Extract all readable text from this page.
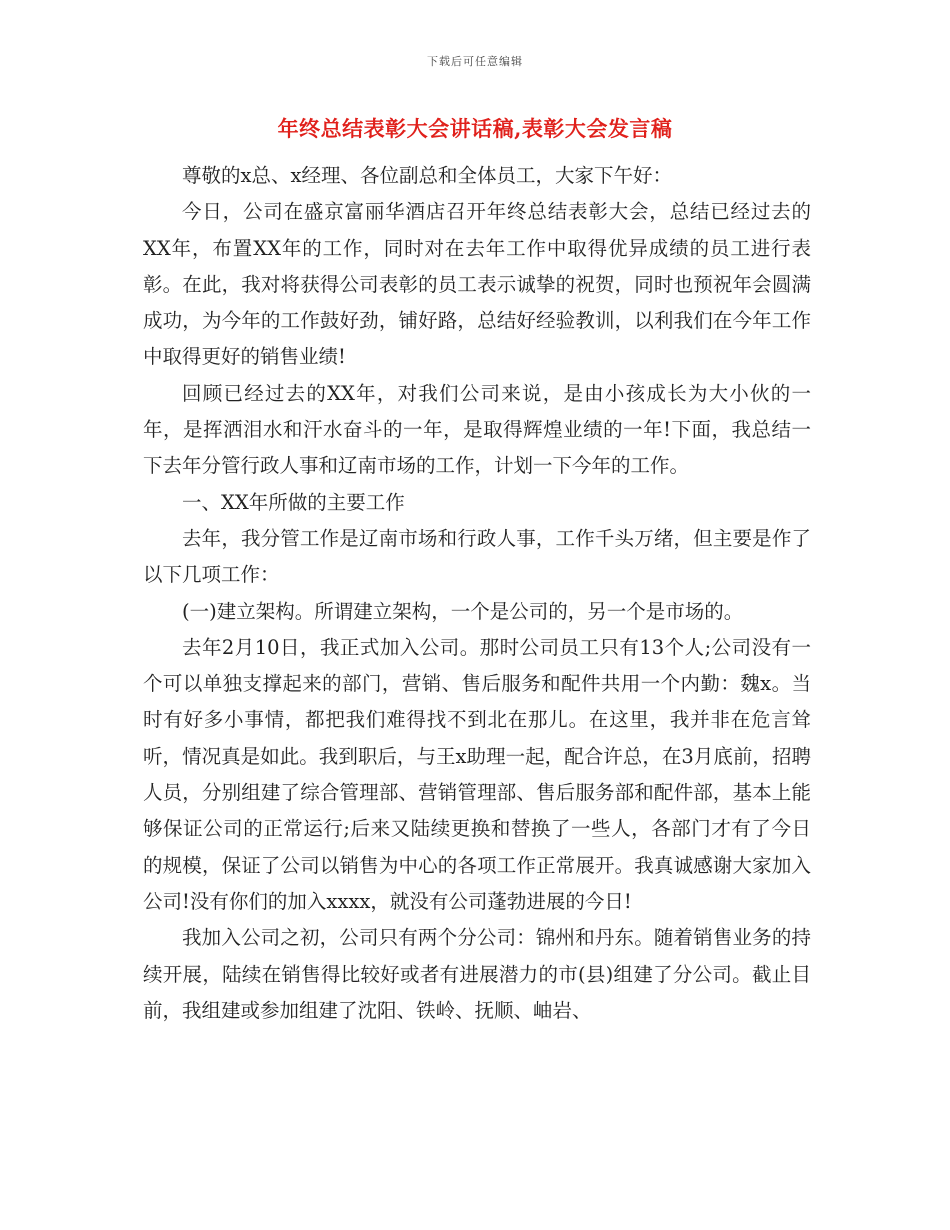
下载后可任意编辑
年终总结表彰大会讲话稿,表彰大会发言稿

尊敬的x总、x经理、各位副总和全体员工，大家下午好：

今日，公司在盛京富丽华酒店召开年终总结表彰大会，总结已经过去的XX年，布置XX年的工作，同时对在去年工作中取得优异成绩的员工进行表彰。在此，我对将获得公司表彰的员工表示诚挚的祝贺，同时也预祝年会圆满成功，为今年的工作鼓好劲，铺好路，总结好经验教训，以利我们在今年工作中取得更好的销售业绩!

回顾已经过去的XX年，对我们公司来说，是由小孩成长为大小伙的一年，是挥洒泪水和汗水奋斗的一年，是取得辉煌业绩的一年!下面，我总结一下去年分管行政人事和辽南市场的工作，计划一下今年的工作。

一、XX年所做的主要工作

去年，我分管工作是辽南市场和行政人事，工作千头万绪，但主要是作了以下几项工作：

(一)建立架构。所谓建立架构，一个是公司的，另一个是市场的。

去年2月10日，我正式加入公司。那时公司员工只有13个人;公司没有一个可以单独支撑起来的部门，营销、售后服务和配件共用一个内勤：魏x。当时有好多小事情，都把我们难得找不到北在那儿。在这里，我并非在危言耸听，情况真是如此。我到职后，与王x助理一起，配合许总，在3月底前，招聘人员，分别组建了综合管理部、营销管理部、售后服务部和配件部，基本上能够保证公司的正常运行;后来又陆续更换和替换了一些人，各部门才有了今日的规模，保证了公司以销售为中心的各项工作正常展开。我真诚感谢大家加入公司!没有你们的加入xxxx，就没有公司蓬勃进展的今日!

我加入公司之初，公司只有两个分公司：锦州和丹东。随着销售业务的持续开展，陆续在销售得比较好或者有进展潜力的市(县)组建了分公司。截止目前，我组建或参加组建了沈阳、铁岭、抚顺、岫岩、
